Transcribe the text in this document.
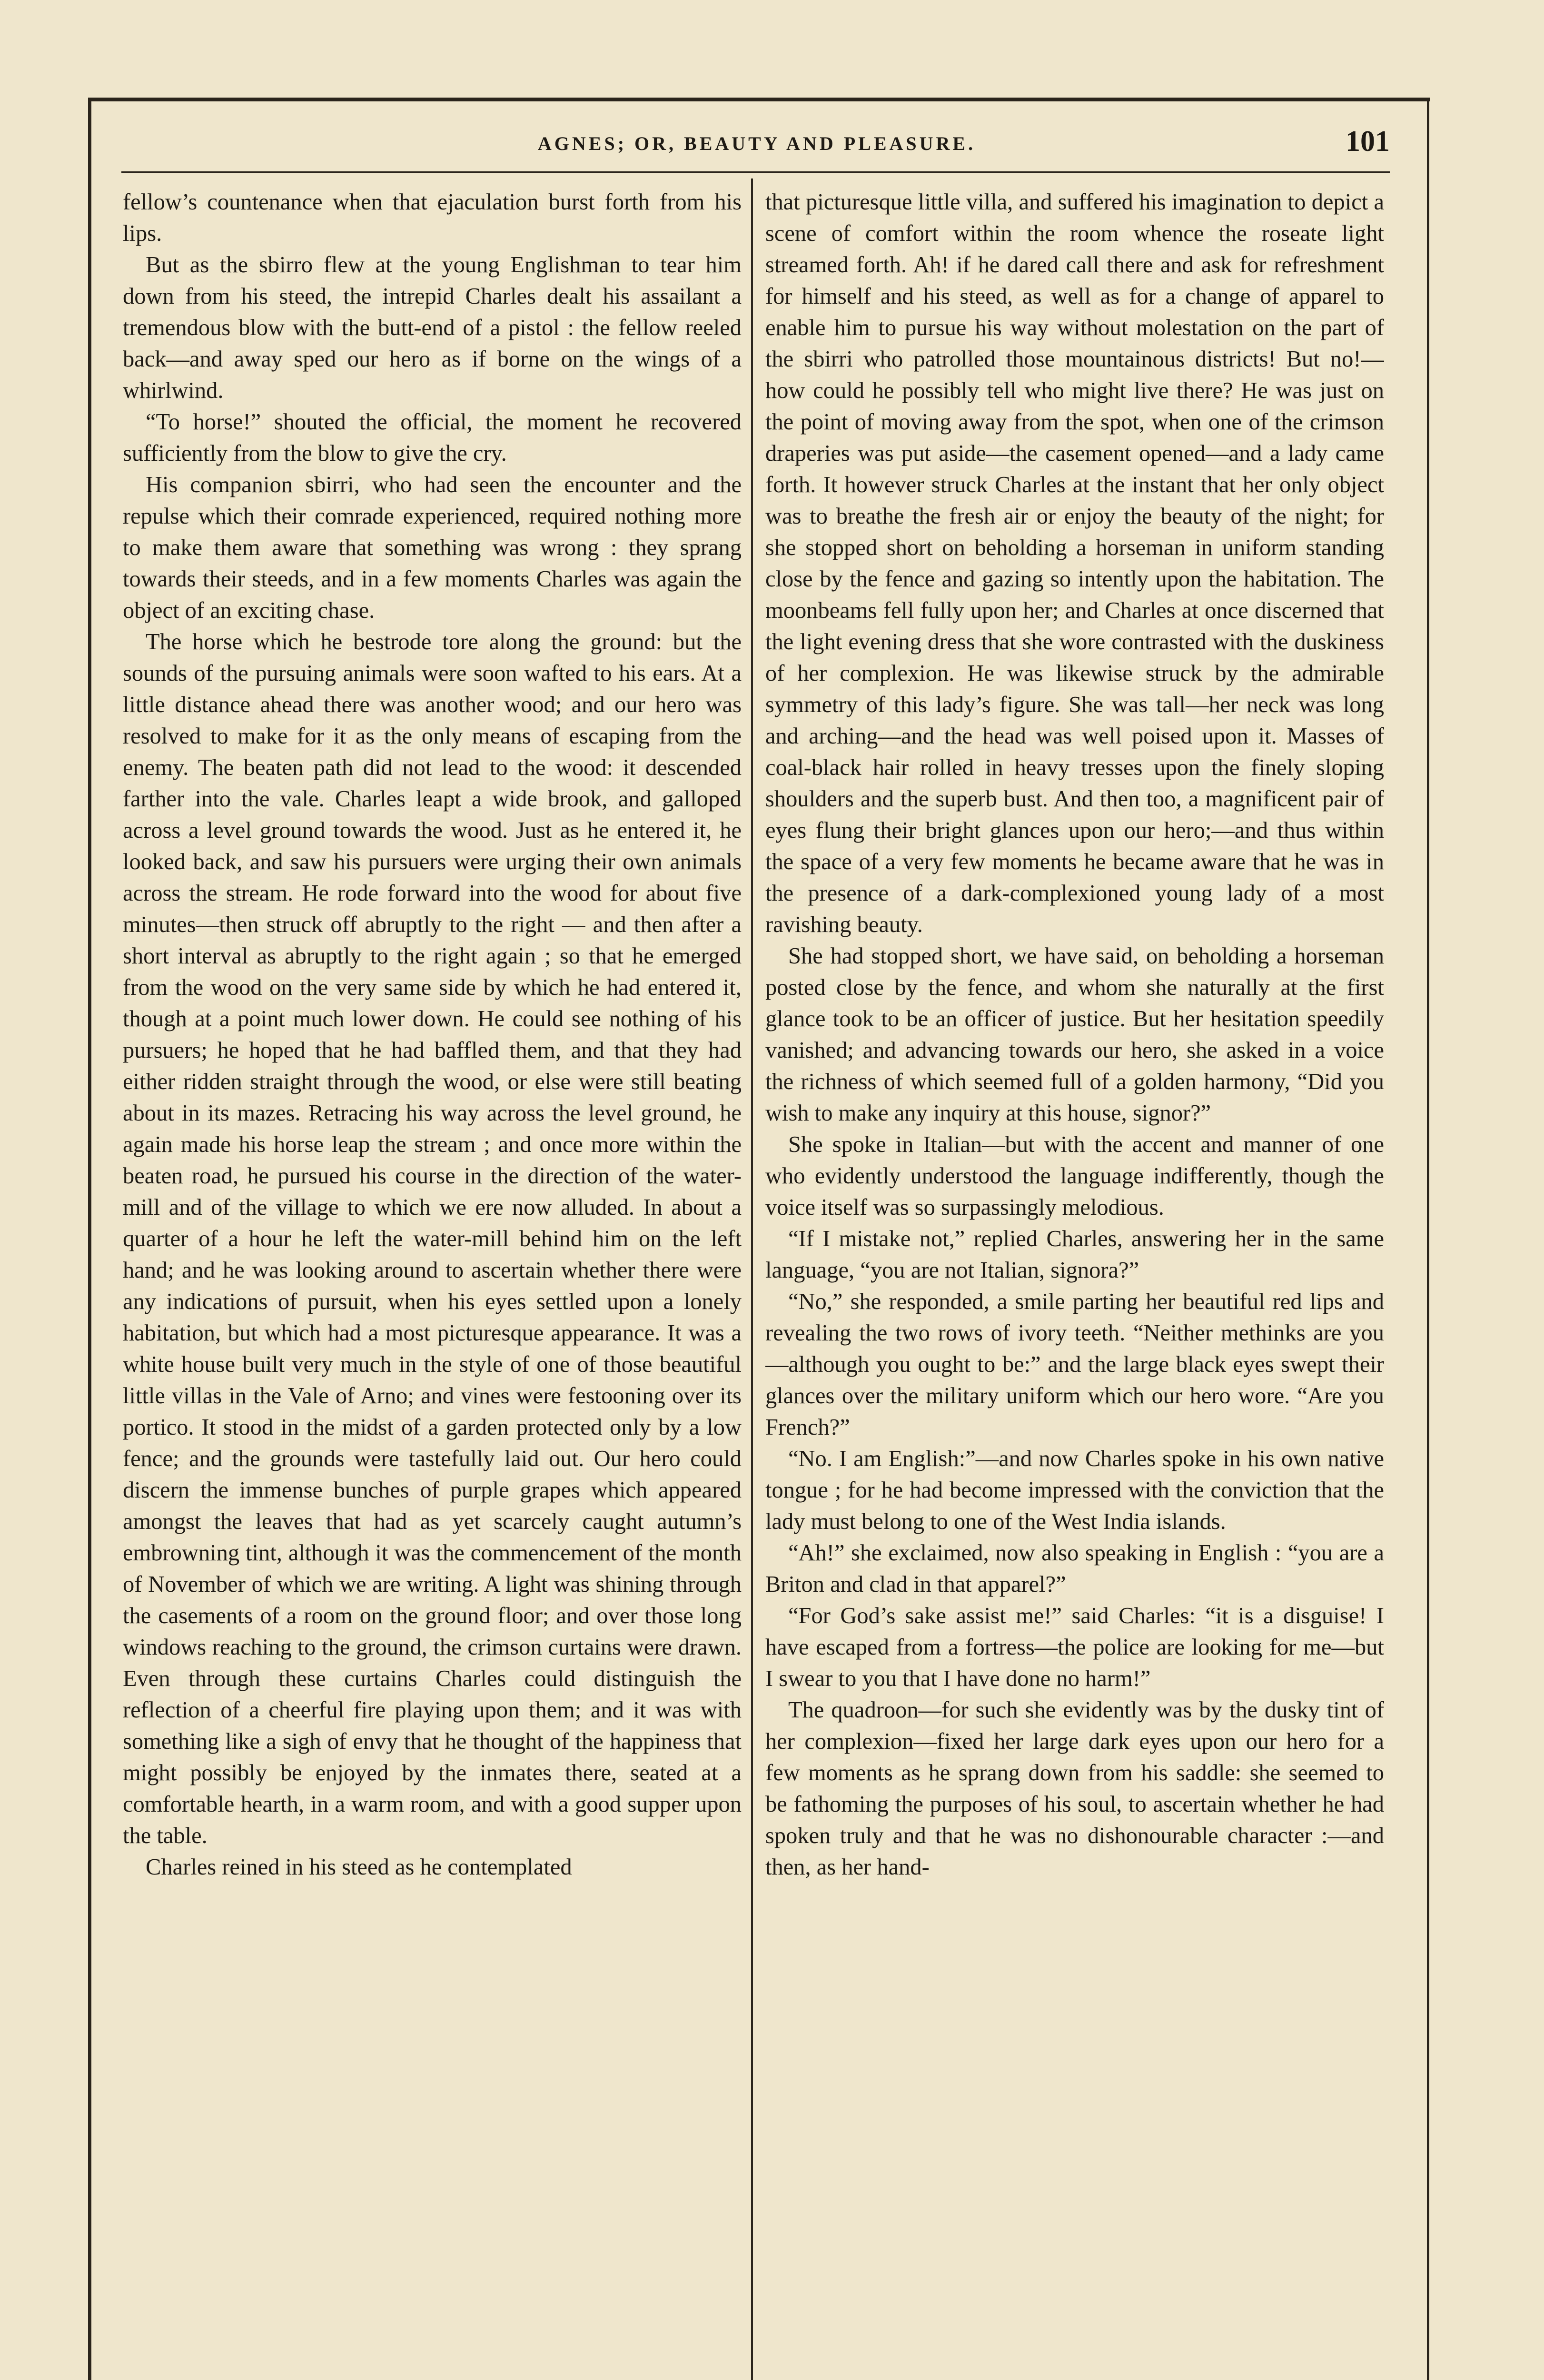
AGNES; OR, BEAUTY AND PLEASURE.	101

fellow’s countenance when that ejaculation burst forth from his lips.

But as the sbirro flew at the young Englishman to tear him down from his steed, the intrepid Charles dealt his assailant a tremendous blow with the butt-end of a pistol : the fellow reeled back—and away sped our hero as if borne on the wings of a whirlwind.

“To horse!” shouted the official, the moment he recovered sufficiently from the blow to give the cry.

His companion sbirri, who had seen the encounter and the repulse which their comrade experienced, required nothing more to make them aware that something was wrong : they sprang towards their steeds, and in a few moments Charles was again the object of an exciting chase.

The horse which he bestrode tore along the ground: but the sounds of the pursuing animals were soon wafted to his ears. At a little distance ahead there was another wood; and our hero was resolved to make for it as the only means of escaping from the enemy. The beaten path did not lead to the wood: it descended farther into the vale. Charles leapt a wide brook, and galloped across a level ground towards the wood. Just as he entered it, he looked back, and saw his pursuers were urging their own animals across the stream. He rode forward into the wood for about five minutes—then struck off abruptly to the right — and then after a short interval as abruptly to the right again ; so that he emerged from the wood on the very same side by which he had entered it, though at a point much lower down. He could see nothing of his pursuers; he hoped that he had baffled them, and that they had either ridden straight through the wood, or else were still beating about in its mazes. Retracing his way across the level ground, he again made his horse leap the stream ; and once more within the beaten road, he pursued his course in the direction of the water-mill and of the village to which we ere now alluded. In about a quarter of a hour he left the water-mill behind him on the left hand; and he was looking around to ascertain whether there were any indications of pursuit, when his eyes settled upon a lonely habitation, but which had a most picturesque appearance. It was a white house built very much in the style of one of those beautiful little villas in the Vale of Arno; and vines were festooning over its portico. It stood in the midst of a garden protected only by a low fence; and the grounds were tastefully laid out. Our hero could discern the immense bunches of purple grapes which appeared amongst the leaves that had as yet scarcely caught autumn’s embrowning tint, although it was the commencement of the month of November of which we are writing. A light was shining through the casements of a room on the ground floor; and over those long windows reaching to the ground, the crimson curtains were drawn. Even through these curtains Charles could distinguish the reflection of a cheerful fire playing upon them; and it was with something like a sigh of envy that he thought of the happiness that might possibly be enjoyed by the inmates there, seated at a comfortable hearth, in a warm room, and with a good supper upon the table.

Charles reined in his steed as he contemplated

that picturesque little villa, and suffered his imagination to depict a scene of comfort within the room whence the roseate light streamed forth. Ah! if he dared call there and ask for refreshment for himself and his steed, as well as for a change of apparel to enable him to pursue his way without molestation on the part of the sbirri who patrolled those mountainous districts! But no!—how could he possibly tell who might live there? He was just on the point of moving away from the spot, when one of the crimson draperies was put aside—the casement opened—and a lady came forth. It however struck Charles at the instant that her only object was to breathe the fresh air or enjoy the beauty of the night; for she stopped short on beholding a horseman in uniform standing close by the fence and gazing so intently upon the habitation. The moonbeams fell fully upon her; and Charles at once discerned that the light evening dress that she wore contrasted with the duskiness of her complexion. He was likewise struck by the admirable symmetry of this lady’s figure. She was tall—her neck was long and arching—and the head was well poised upon it. Masses of coal-black hair rolled in heavy tresses upon the finely sloping shoulders and the superb bust. And then too, a magnificent pair of eyes flung their bright glances upon our hero;—and thus within the space of a very few moments he became aware that he was in the presence of a dark-complexioned young lady of a most ravishing beauty.

She had stopped short, we have said, on beholding a horseman posted close by the fence, and whom she naturally at the first glance took to be an officer of justice. But her hesitation speedily vanished; and advancing towards our hero, she asked in a voice the richness of which seemed full of a golden harmony, “Did you wish to make any inquiry at this house, signor?”

She spoke in Italian—but with the accent and manner of one who evidently understood the language indifferently, though the voice itself was so surpassingly melodious.

“If I mistake not,” replied Charles, answering her in the same language, “you are not Italian, signora?”

“No,” she responded, a smile parting her beautiful red lips and revealing the two rows of ivory teeth. “Neither methinks are you—although you ought to be:” and the large black eyes swept their glances over the military uniform which our hero wore. “Are you French?”

“No. I am English:”—and now Charles spoke in his own native tongue ; for he had become impressed with the conviction that the lady must belong to one of the West India islands.

“Ah!” she exclaimed, now also speaking in English : “you are a Briton and clad in that apparel?”

“For God’s sake assist me!” said Charles: “it is a disguise! I have escaped from a fortress—the police are looking for me—but I swear to you that I have done no harm!”

The quadroon—for such she evidently was by the dusky tint of her complexion—fixed her large dark eyes upon our hero for a few moments as he sprang down from his saddle: she seemed to be fathoming the purposes of his soul, to ascertain whether he had spoken truly and that he was no dishonourable character :—and then, as her hand-
